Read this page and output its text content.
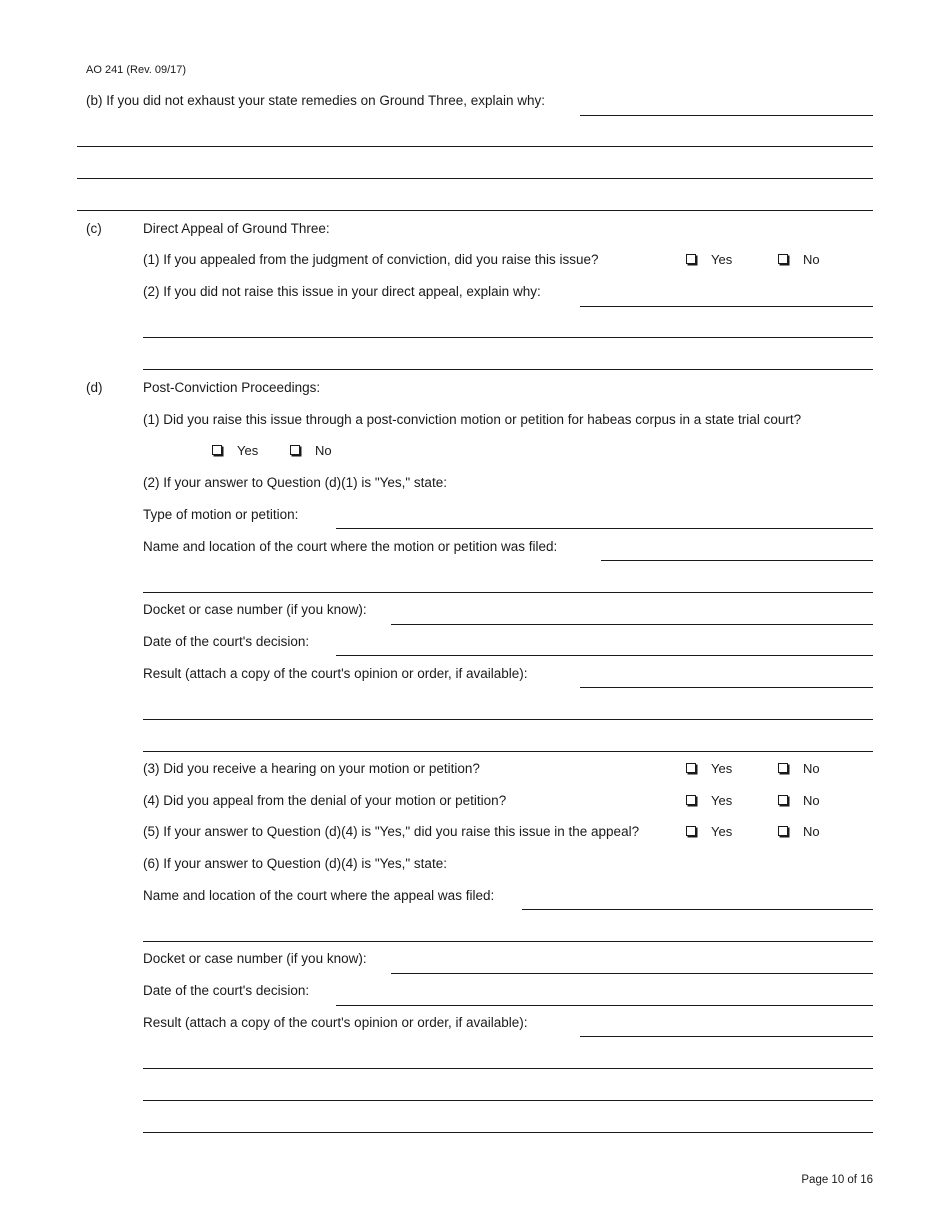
AO 241 (Rev. 09/17)
(b) If you did not exhaust your state remedies on Ground Three, explain why:
(c)	Direct Appeal of Ground Three:
(1) If you appealed from the judgment of conviction, did you raise this issue?	Yes	No
(2) If you did not raise this issue in your direct appeal, explain why:
(d)	Post-Conviction Proceedings:
(1) Did you raise this issue through a post-conviction motion or petition for habeas corpus in a state trial court?
Yes	No
(2) If your answer to Question (d)(1) is "Yes," state:
Type of motion or petition:
Name and location of the court where the motion or petition was filed:
Docket or case number (if you know):
Date of the court's decision:
Result (attach a copy of the court's opinion or order, if available):
(3) Did you receive a hearing on your motion or petition?	Yes	No
(4) Did you appeal from the denial of your motion or petition?	Yes	No
(5) If your answer to Question (d)(4) is "Yes," did you raise this issue in the appeal?	Yes	No
(6) If your answer to Question (d)(4) is "Yes," state:
Name and location of the court where the appeal was filed:
Docket or case number (if you know):
Date of the court's decision:
Result (attach a copy of the court's opinion or order, if available):
Page 10 of 16
